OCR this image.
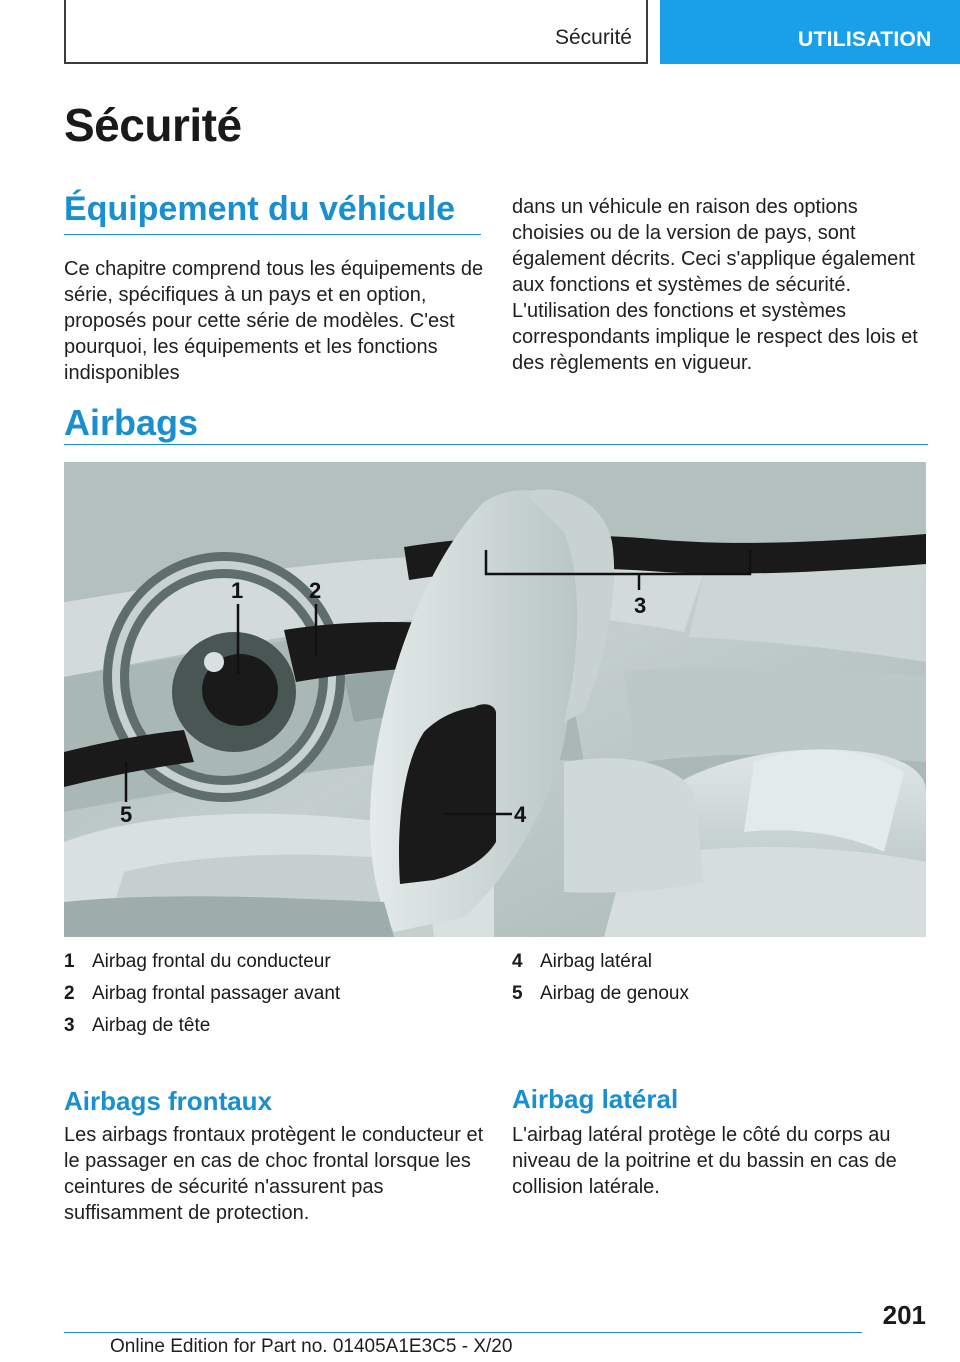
Sécurité	UTILISATION
Sécurité
Équipement du véhicule

Ce chapitre comprend tous les équipements de série, spécifiques à un pays et en option, proposés pour cette série de modèles. C'est pourquoi, les équipements et les fonctions indisponibles

dans un véhicule en raison des options choisies ou de la version de pays, sont également décrits. Ceci s'applique également aux fonctions et systèmes de sécurité. L'utilisation des fonctions et systèmes correspondants implique le respect des lois et des règlements en vigueur.

Airbags
1	2
3
4
5
1 Airbag frontal du conducteur
2 Airbag frontal passager avant
3 Airbag de tête
4 Airbag latéral
5 Airbag de genoux
Airbags frontaux

Les airbags frontaux protègent le conducteur et le passager en cas de choc frontal lorsque les ceintures de sécurité n'assurent pas suffisamment de protection.

Airbag latéral

L'airbag latéral protège le côté du corps au niveau de la poitrine et du bassin en cas de collision latérale.

201
Online Edition for Part no. 01405A1E3C5 - X/20
